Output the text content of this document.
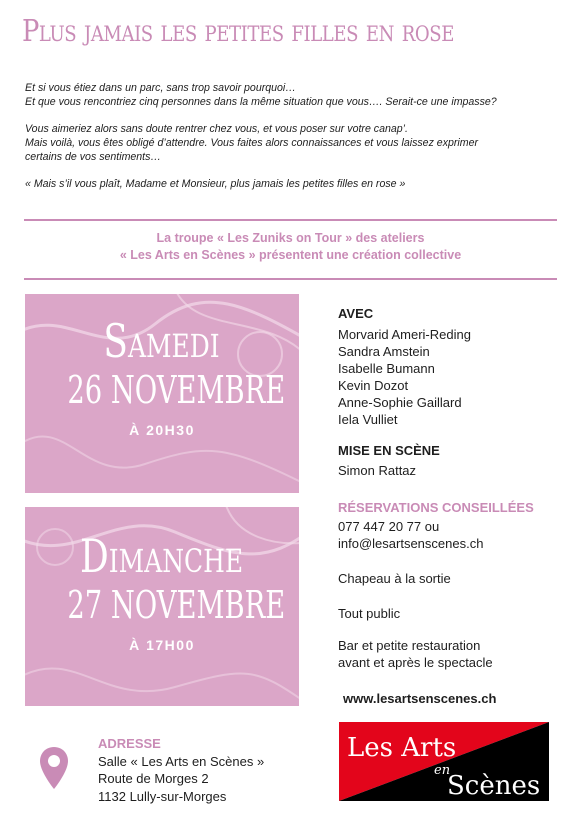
Plus jamais les petites filles en rose

Et si vous étiez dans un parc, sans trop savoir pourquoi…
Et que vous rencontriez cinq personnes dans la même situation que vous…. Serait-ce une impasse?

Vous aimeriez alors sans doute rentrer chez vous, et vous poser sur votre canap’.
Mais voilà, vous êtes obligé d’attendre. Vous faites alors connaissances et vous laissez exprimer
certains de vos sentiments…

« Mais s’il vous plaît, Madame et Monsieur, plus jamais les petites filles en rose »

La troupe « Les Zuniks on Tour » des ateliers
« Les Arts en Scènes » présentent une création collective
Samedi
26 NOVEMBRE
À 20H30
Dimanche
27 NOVEMBRE
À 17H00
AVEC
Morvarid Ameri-Reding
Sandra Amstein
Isabelle Bumann
Kevin Dozot
Anne-Sophie Gaillard
Iela Vulliet
MISE EN SCÈNE
Simon Rattaz
RÉSERVATIONS CONSEILLÉES
077 447 20 77 ou
info@lesartsenscenes.ch
Chapeau à la sortie
Tout public
Bar et petite restauration
avant et après le spectacle
www.lesartsenscenes.ch
ADRESSE
Salle « Les Arts en Scènes »
Route de Morges 2
1132 Lully-sur-Morges
Les Arts
en
Scènes
